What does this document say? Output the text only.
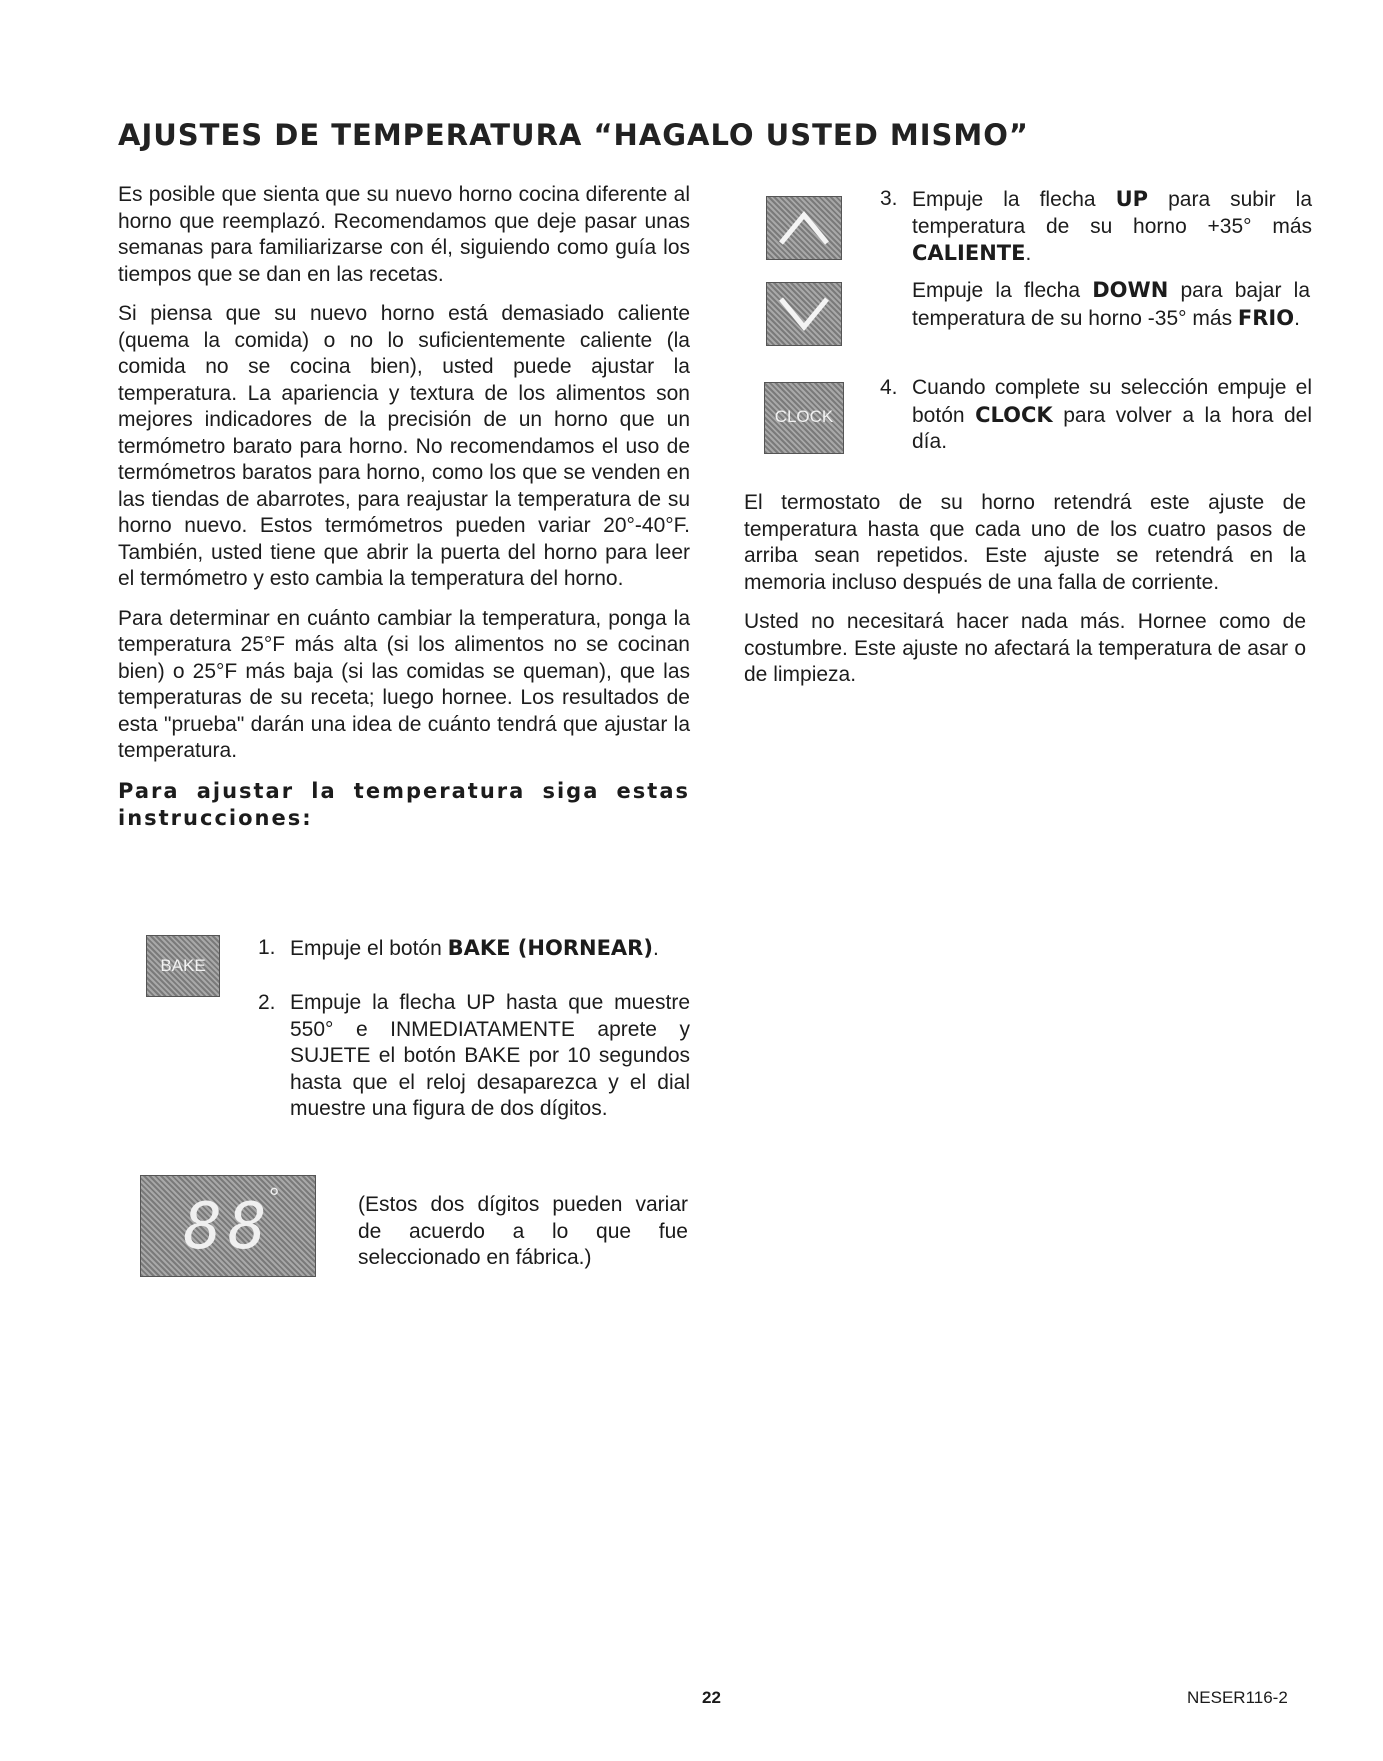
AJUSTES DE TEMPERATURA “HAGALO USTED MISMO”

Es posible que sienta que su nuevo horno cocina diferente al horno que reemplazó. Recomendamos que deje pasar unas semanas para familiarizarse con él, siguiendo como guía los tiempos que se dan en las recetas.

Si piensa que su nuevo horno está demasiado caliente (quema la comida) o no lo suficientemente caliente (la comida no se cocina bien), usted puede ajustar la temperatura. La apariencia y textura de los alimentos son mejores indicadores de la precisión de un horno que un termómetro barato para horno. No recomendamos el uso de termómetros baratos para horno, como los que se venden en las tiendas de abarrotes, para reajustar la temperatura de su horno nuevo. Estos termómetros pueden variar 20°-40°F. También, usted tiene que abrir la puerta del horno para leer el termómetro y esto cambia la temperatura del horno.

Para determinar en cuánto cambiar la temperatura, ponga la temperatura 25°F más alta (si los alimentos no se cocinan bien) o 25°F más baja (si las comidas se queman), que las temperaturas de su receta; luego hornee. Los resultados de esta "prueba" darán una idea de cuánto tendrá que ajustar la temperatura.

Para ajustar la temperatura siga estas instrucciones:

BAKE
1. Empuje el botón BAKE (HORNEAR).
2. Empuje la flecha UP hasta que muestre 550° e INMEDIATAMENTE aprete y SUJETE el botón BAKE por 10 segundos hasta que el reloj desaparezca y el dial muestre una figura de dos dígitos.
88
°	(Estos dos dígitos pueden variar de acuerdo a lo que fue seleccionado en fábrica.)
CLOCK
3. Empuje la flecha UP para subir la temperatura de su horno +35° más CALIENTE.
Empuje la flecha DOWN para bajar la temperatura de su horno -35° más FRIO.
4. Cuando complete su selección empuje el botón CLOCK para volver a la hora del día.

El termostato de su horno retendrá este ajuste de temperatura hasta que cada uno de los cuatro pasos de arriba sean repetidos. Este ajuste se retendrá en la memoria incluso después de una falla de corriente.

Usted no necesitará hacer nada más. Hornee como de costumbre. Este ajuste no afectará la temperatura de asar o de limpieza.

22	NESER116-2
